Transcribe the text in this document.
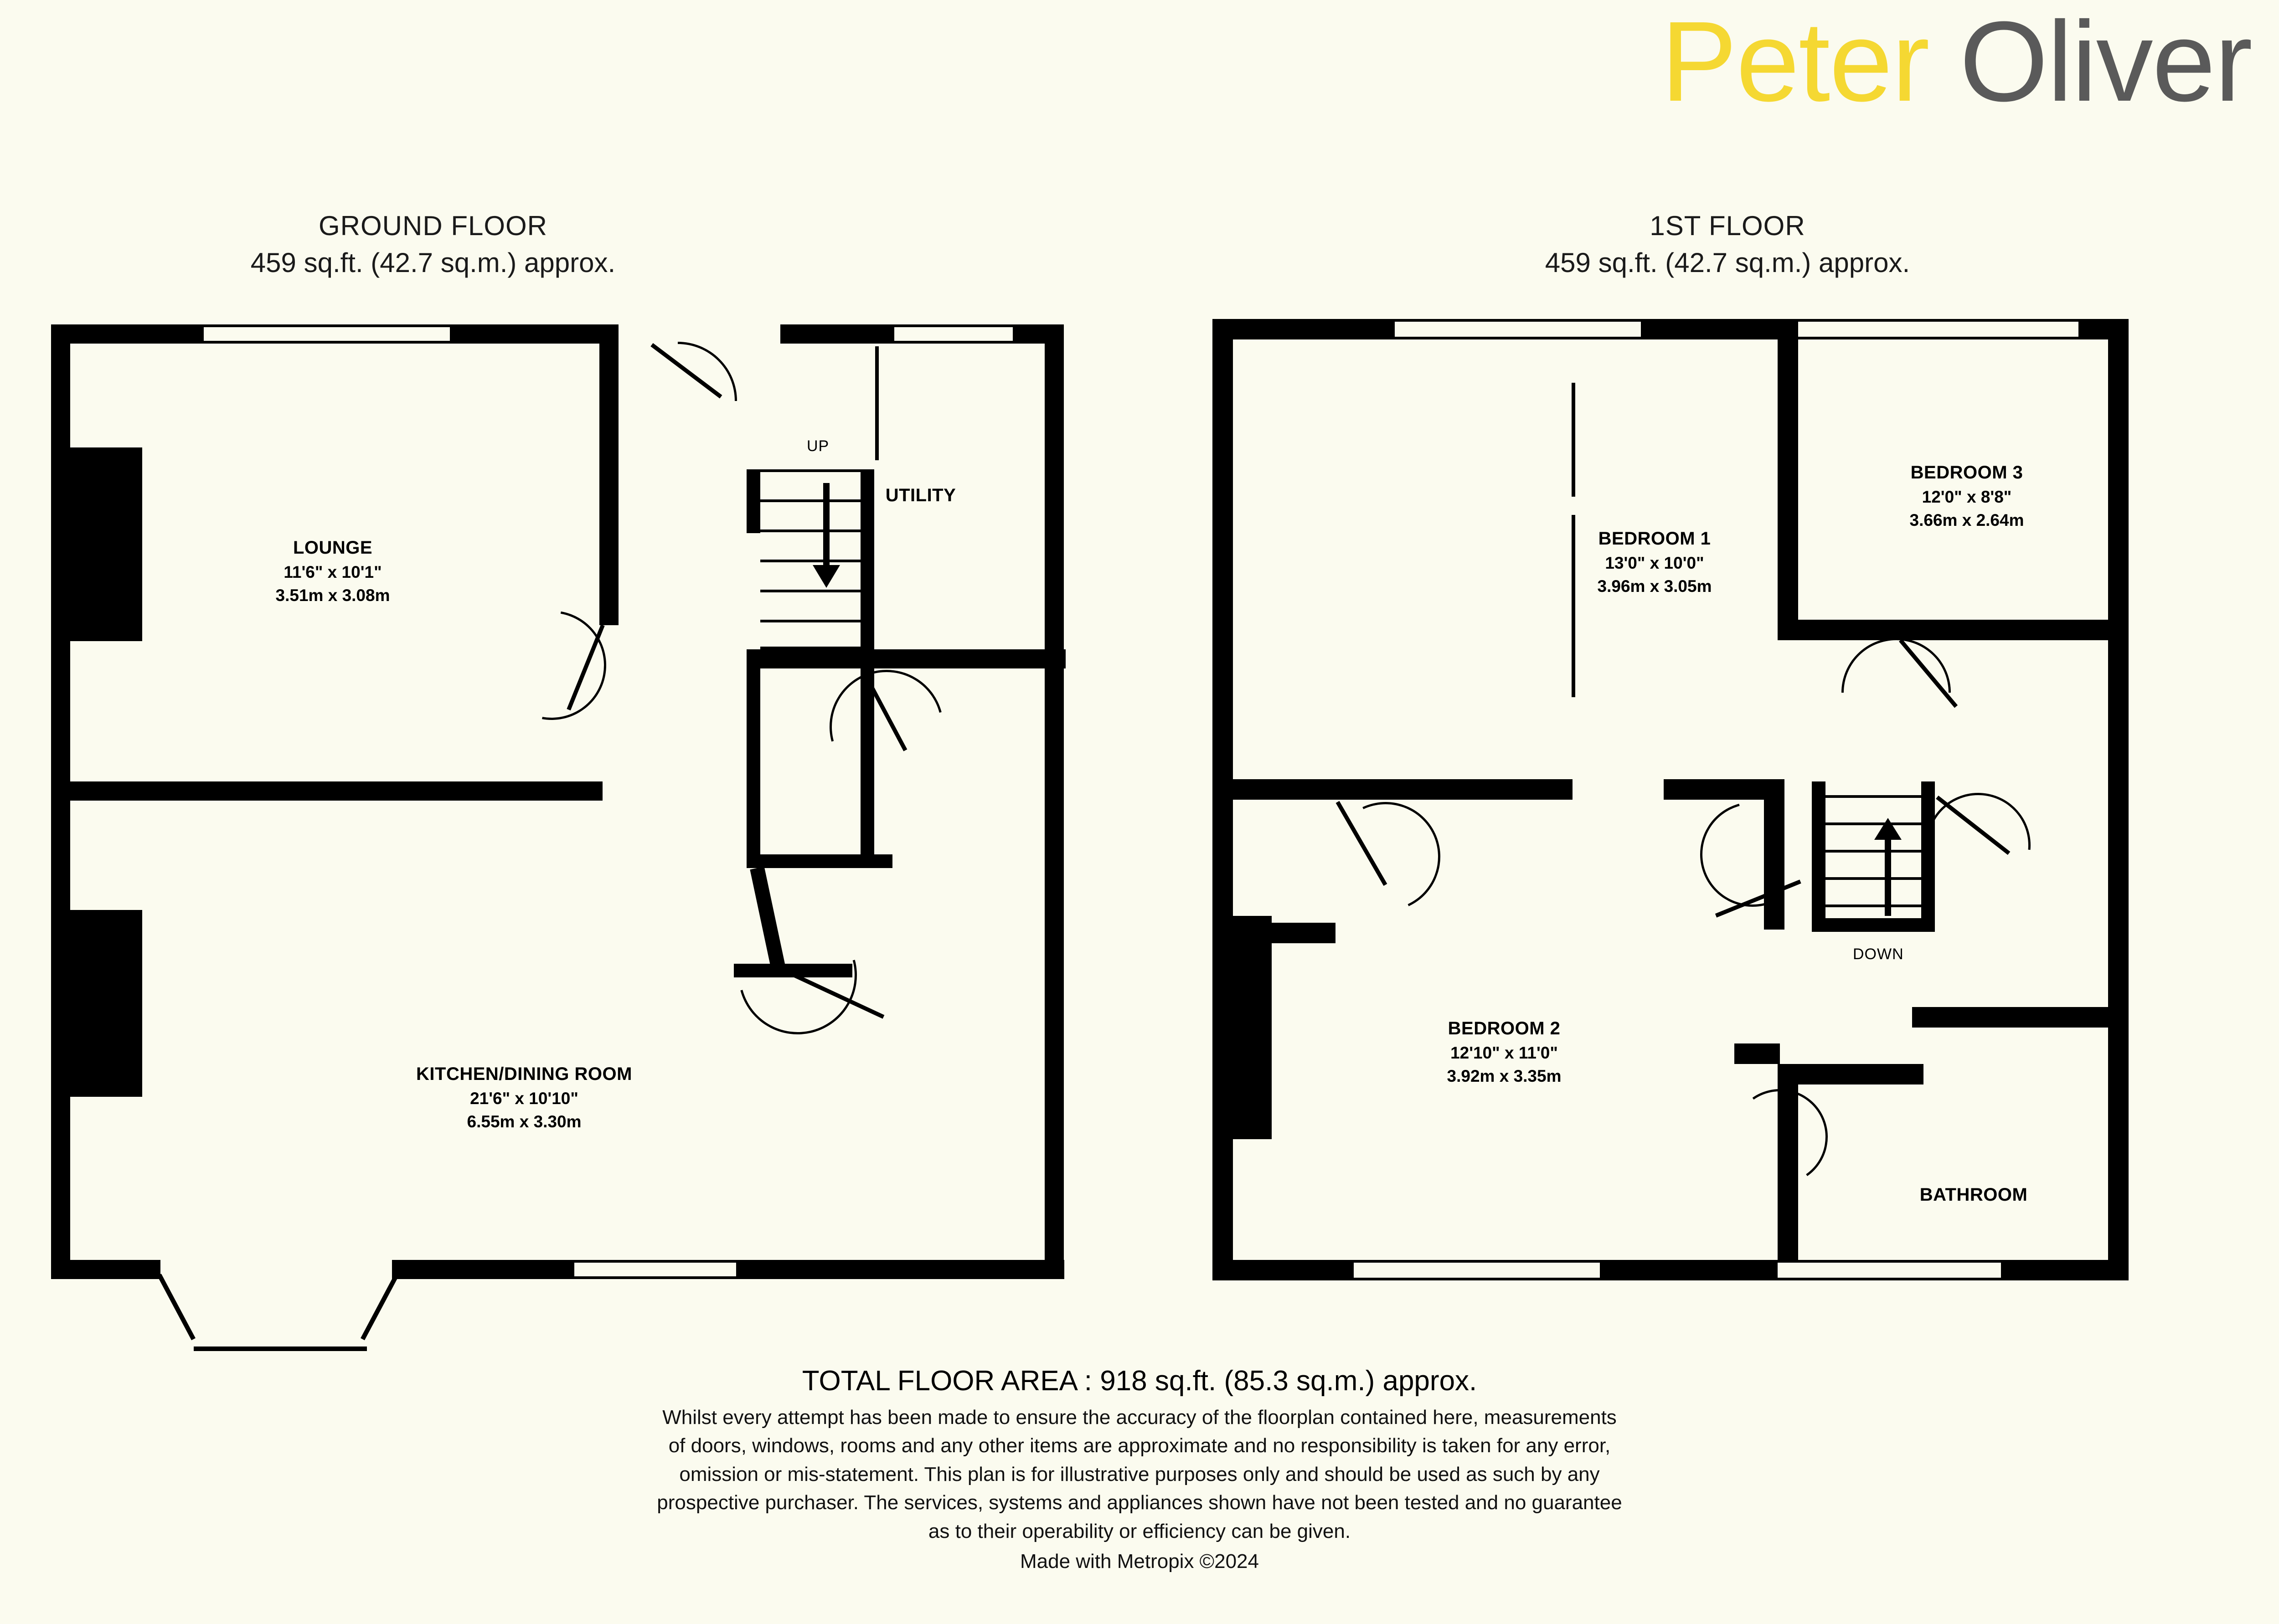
Peter Oliver
GROUND FLOOR
459 sq.ft. (42.7 sq.m.) approx.
1ST FLOOR
459 sq.ft. (42.7 sq.m.) approx.
UP
LOUNGE
11'6" x 10'1"
3.51m x 3.08m
KITCHEN/DINING ROOM
21'6" x 10'10"
6.55m x 3.30m
UTILITY
DOWN
BEDROOM 1
13'0" x 10'0"
3.96m x 3.05m
BEDROOM 2
12'10" x 11'0"
3.92m x 3.35m
BEDROOM 3
12'0" x 8'8"
3.66m x 2.64m
BATHROOM
TOTAL FLOOR AREA : 918 sq.ft. (85.3 sq.m.) approx.
Whilst every attempt has been made to ensure the accuracy of the floorplan contained here, measurements
of doors, windows, rooms and any other items are approximate and no responsibility is taken for any error,
omission or mis-statement. This plan is for illustrative purposes only and should be used as such by any
prospective purchaser. The services, systems and appliances shown have not been tested and no guarantee
as to their operability or efficiency can be given.
Made with Metropix ©2024
